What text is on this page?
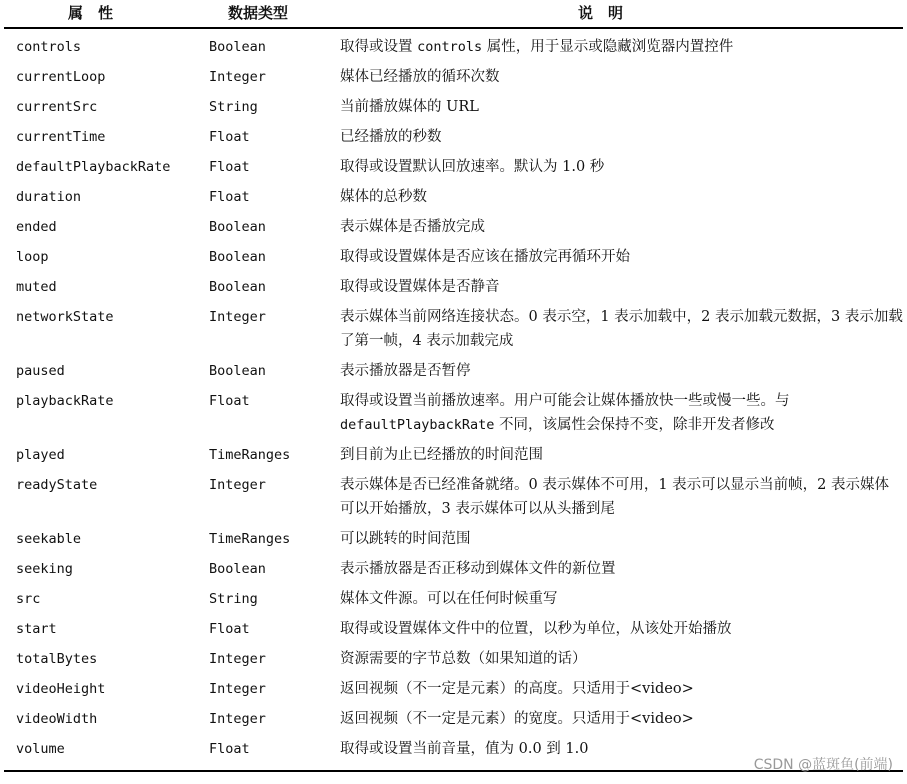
属　性	数据类型	说　明
controls	Boolean	取得或设置 controls 属性，用于显示或隐藏浏览器内置控件
currentLoop	Integer	媒体已经播放的循环次数
currentSrc	String	当前播放媒体的 URL
currentTime	Float	已经播放的秒数
defaultPlaybackRate	Float	取得或设置默认回放速率。默认为 1.0 秒
duration	Float	媒体的总秒数
ended	Boolean	表示媒体是否播放完成
loop	Boolean	取得或设置媒体是否应该在播放完再循环开始
muted	Boolean	取得或设置媒体是否静音
networkState	Integer	表示媒体当前网络连接状态。0 表示空，1 表示加载中，2 表示加载元数据，3 表示加载了第一帧，4 表示加载完成
paused	Boolean	表示播放器是否暂停
playbackRate	Float	取得或设置当前播放速率。用户可能会让媒体播放快一些或慢一些。与 defaultPlaybackRate 不同，该属性会保持不变，除非开发者修改
played	TimeRanges	到目前为止已经播放的时间范围
readyState	Integer	表示媒体是否已经准备就绪。0 表示媒体不可用，1 表示可以显示当前帧，2 表示媒体可以开始播放，3 表示媒体可以从头播到尾
seekable	TimeRanges	可以跳转的时间范围
seeking	Boolean	表示播放器是否正移动到媒体文件的新位置
src	String	媒体文件源。可以在任何时候重写
start	Float	取得或设置媒体文件中的位置，以秒为单位，从该处开始播放
totalBytes	Integer	资源需要的字节总数（如果知道的话）
videoHeight	Integer	返回视频（不一定是元素）的高度。只适用于<video>
videoWidth	Integer	返回视频（不一定是元素）的宽度。只适用于<video>
volume	Float	取得或设置当前音量，值为 0.0 到 1.0
CSDN @蓝斑鱼(前端)
